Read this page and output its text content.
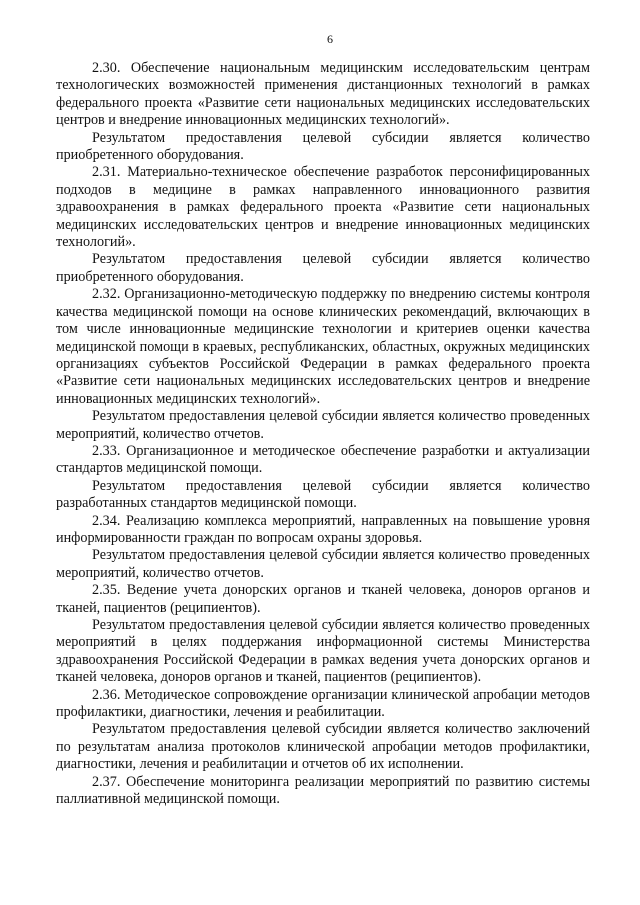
6

2.30. Обеспечение национальным медицинским исследовательским центрам технологических возможностей применения дистанционных технологий в рамках федерального проекта «Развитие сети национальных медицинских исследовательских центров и внедрение инновационных медицинских технологий».

Результатом предоставления целевой субсидии является количество приобретенного оборудования.

2.31. Материально-техническое обеспечение разработок персонифицированных подходов в медицине в рамках направленного инновационного развития здравоохранения в рамках федерального проекта «Развитие сети национальных медицинских исследовательских центров и внедрение инновационных медицинских технологий».

Результатом предоставления целевой субсидии является количество приобретенного оборудования.

2.32. Организационно-методическую поддержку по внедрению системы контроля качества медицинской помощи на основе клинических рекомендаций, включающих в том числе инновационные медицинские технологии и критериев оценки качества медицинской помощи в краевых, республиканских, областных, окружных медицинских организациях субъектов Российской Федерации в рамках федерального проекта «Развитие сети национальных медицинских исследовательских центров и внедрение инновационных медицинских технологий».

Результатом предоставления целевой субсидии является количество проведенных мероприятий, количество отчетов.

2.33. Организационное и методическое обеспечение разработки и актуализации стандартов медицинской помощи.

Результатом предоставления целевой субсидии является количество разработанных стандартов медицинской помощи.

2.34. Реализацию комплекса мероприятий, направленных на повышение уровня информированности граждан по вопросам охраны здоровья.

Результатом предоставления целевой субсидии является количество проведенных мероприятий, количество отчетов.

2.35. Ведение учета донорских органов и тканей человека, доноров органов и тканей, пациентов (реципиентов).

Результатом предоставления целевой субсидии является количество проведенных мероприятий в целях поддержания информационной системы Министерства здравоохранения Российской Федерации в рамках ведения учета донорских органов и тканей человека, доноров органов и тканей, пациентов (реципиентов).

2.36. Методическое сопровождение организации клинической апробации методов профилактики, диагностики, лечения и реабилитации.

Результатом предоставления целевой субсидии является количество заключений по результатам анализа протоколов клинической апробации методов профилактики, диагностики, лечения и реабилитации и отчетов об их исполнении.

2.37. Обеспечение мониторинга реализации мероприятий по развитию системы паллиативной медицинской помощи.
